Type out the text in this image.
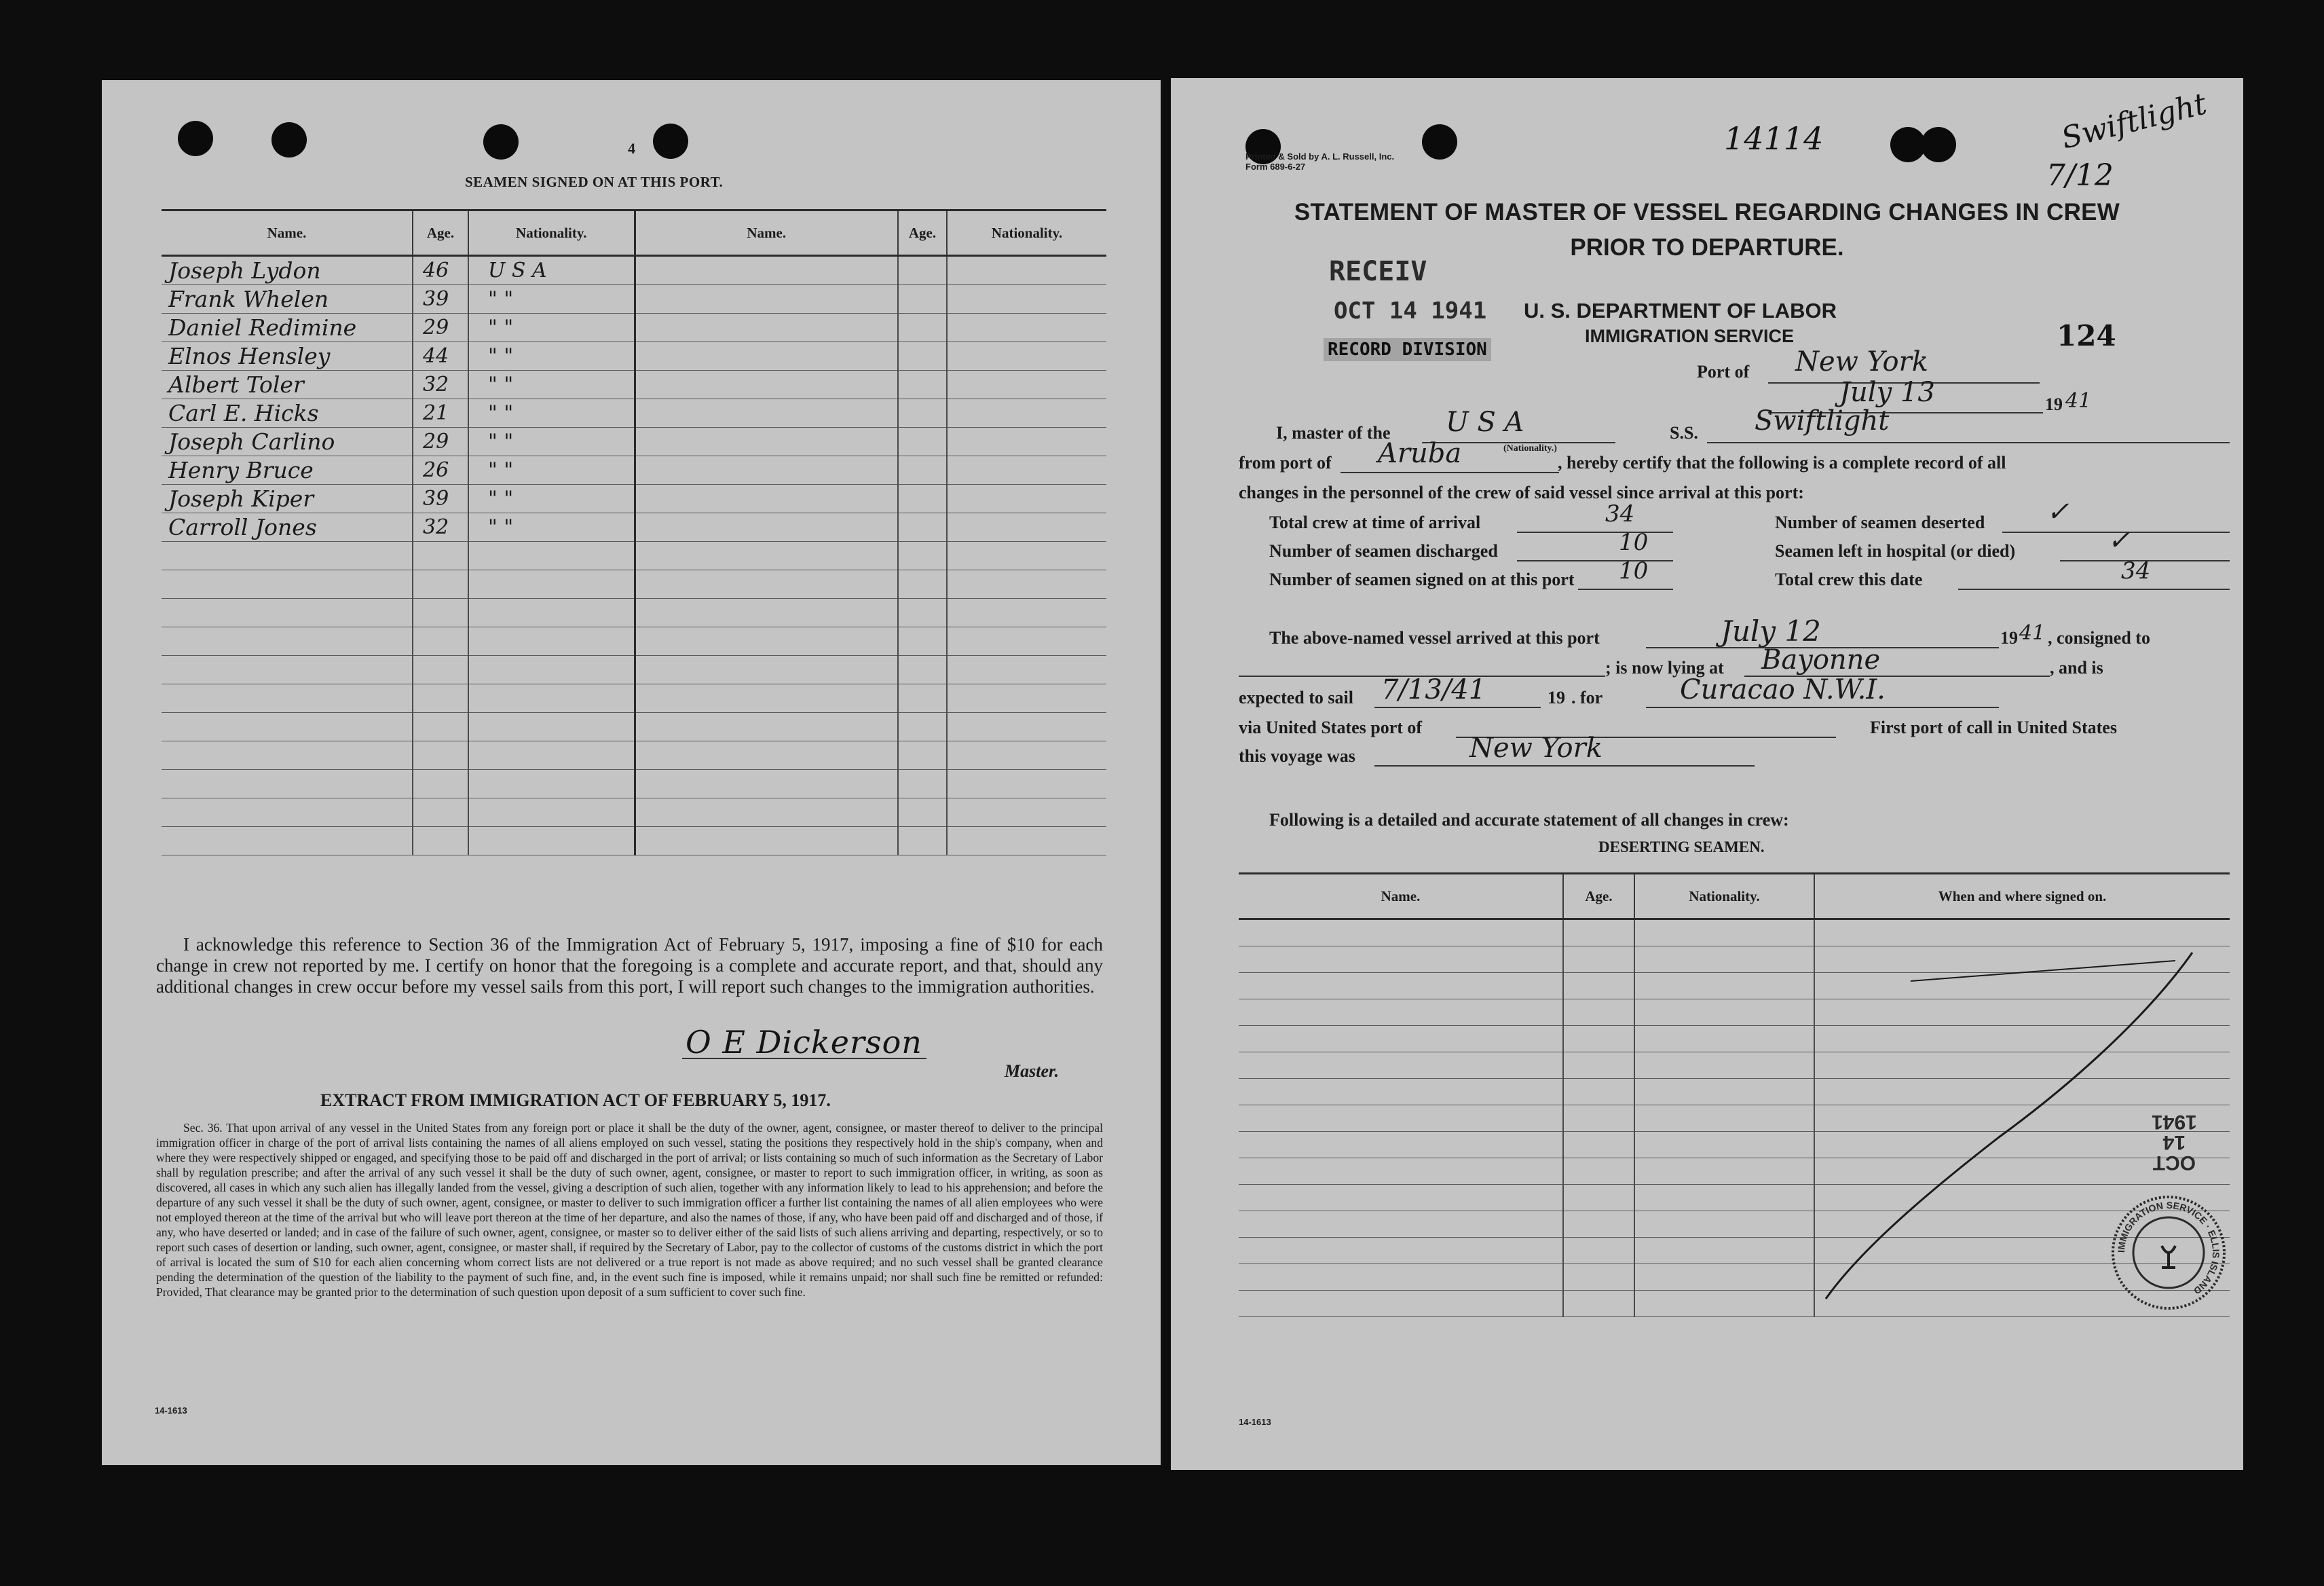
4
SEAMEN SIGNED ON AT THIS PORT.
Name.	Age.	Nationality.	Name.	Age.	Nationality.
Joseph Lydon	46	U S A			
Frank Whelen	39	" "			
Daniel Redimine	29	" "			
Elnos Hensley	44	" "			
Albert Toler	32	" "			
Carl E. Hicks	21	" "			
Joseph Carlino	29	" "			
Henry Bruce	26	" "			
Joseph Kiper	39	" "			
Carroll Jones	32	" "			

I acknowledge this reference to Section 36 of the Immigration Act of February 5, 1917, imposing a fine of $10 for each change in crew not reported by me. I certify on honor that the foregoing is a complete and accurate report, and that, should any additional changes in crew occur before my vessel sails from this port, I will report such changes to the immigration authorities.
O E Dickerson
Master.
EXTRACT FROM IMMIGRATION ACT OF FEBRUARY 5, 1917.
Sec. 36. That upon arrival of any vessel in the United States from any foreign port or place it shall be the duty of the owner, agent, consignee, or master thereof to deliver to the principal immigration officer in charge of the port of arrival lists containing the names of all aliens employed on such vessel, stating the positions they respectively hold in the ship's company, when and where they were respectively shipped or engaged, and specifying those to be paid off and discharged in the port of arrival; or lists containing so much of such information as the Secretary of Labor shall by regulation prescribe; and after the arrival of any such vessel it shall be the duty of such owner, agent, consignee, or master to report to such immigration officer, in writing, as soon as discovered, all cases in which any such alien has illegally landed from the vessel, giving a description of such alien, together with any information likely to lead to his apprehension; and before the departure of any such vessel it shall be the duty of such owner, agent, consignee, or master to deliver to such immigration officer a further list containing the names of all alien employees who were not employed thereon at the time of the arrival but who will leave port thereon at the time of her departure, and also the names of those, if any, who have been paid off and discharged and of those, if any, who have deserted or landed; and in case of the failure of such owner, agent, consignee, or master so to deliver either of the said lists of such aliens arriving and departing, respectively, or so to report such cases of desertion or landing, such owner, agent, consignee, or master shall, if required by the Secretary of Labor, pay to the collector of customs of the customs district in which the port of arrival is located the sum of $10 for each alien concerning whom correct lists are not delivered or a true report is not made as above required; and no such vessel shall be granted clearance pending the determination of the question of the liability to the payment of such fine, and, in the event such fine is imposed, while it remains unpaid; nor shall such fine be remitted or refunded: Provided, That clearance may be granted prior to the determination of such question upon deposit of a sum sufficient to cover such fine.
14-1613
Printed & Sold by A. L. Russell, Inc.
Form 689-6-27
14114	Swiftlight
7/12
STATEMENT OF MASTER OF VESSEL REGARDING CHANGES IN CREW
PRIOR TO DEPARTURE.
RECEIV
OCT 14 1941
RECORD DIVISION
U. S. DEPARTMENT OF LABOR
IMMIGRATION SERVICE	124
Port of New York
July 13	19 41
I, master of the U S A
(Nationality.)
S.S. Swiftlight
from port of Aruba	, hereby certify that the following is a complete record of all
changes in the personnel of the crew of said vessel since arrival at this port:
Total crew at time of arrival	34
Number of seamen discharged	10
Number of seamen signed on at this port 10
Number of seamen deserted ✓
Seamen left in hospital (or died)	✓
Total crew this date	34
The above-named vessel arrived at this port	July 12	19 41 , consigned to
; is now lying at Bayonne	, and is
expected to sail 7/13/41	19 . for	Curacao N.W.I.
via United States port of	First port of call in United States
this voyage was	New York
Following is a detailed and accurate statement of all changes in crew:
DESERTING SEAMEN.
Name.	Age.	Nationality.	When and where signed on.

OCT
14
1941
IMMIGRATION SERVICE · ELLIS ISLAND
14-1613
